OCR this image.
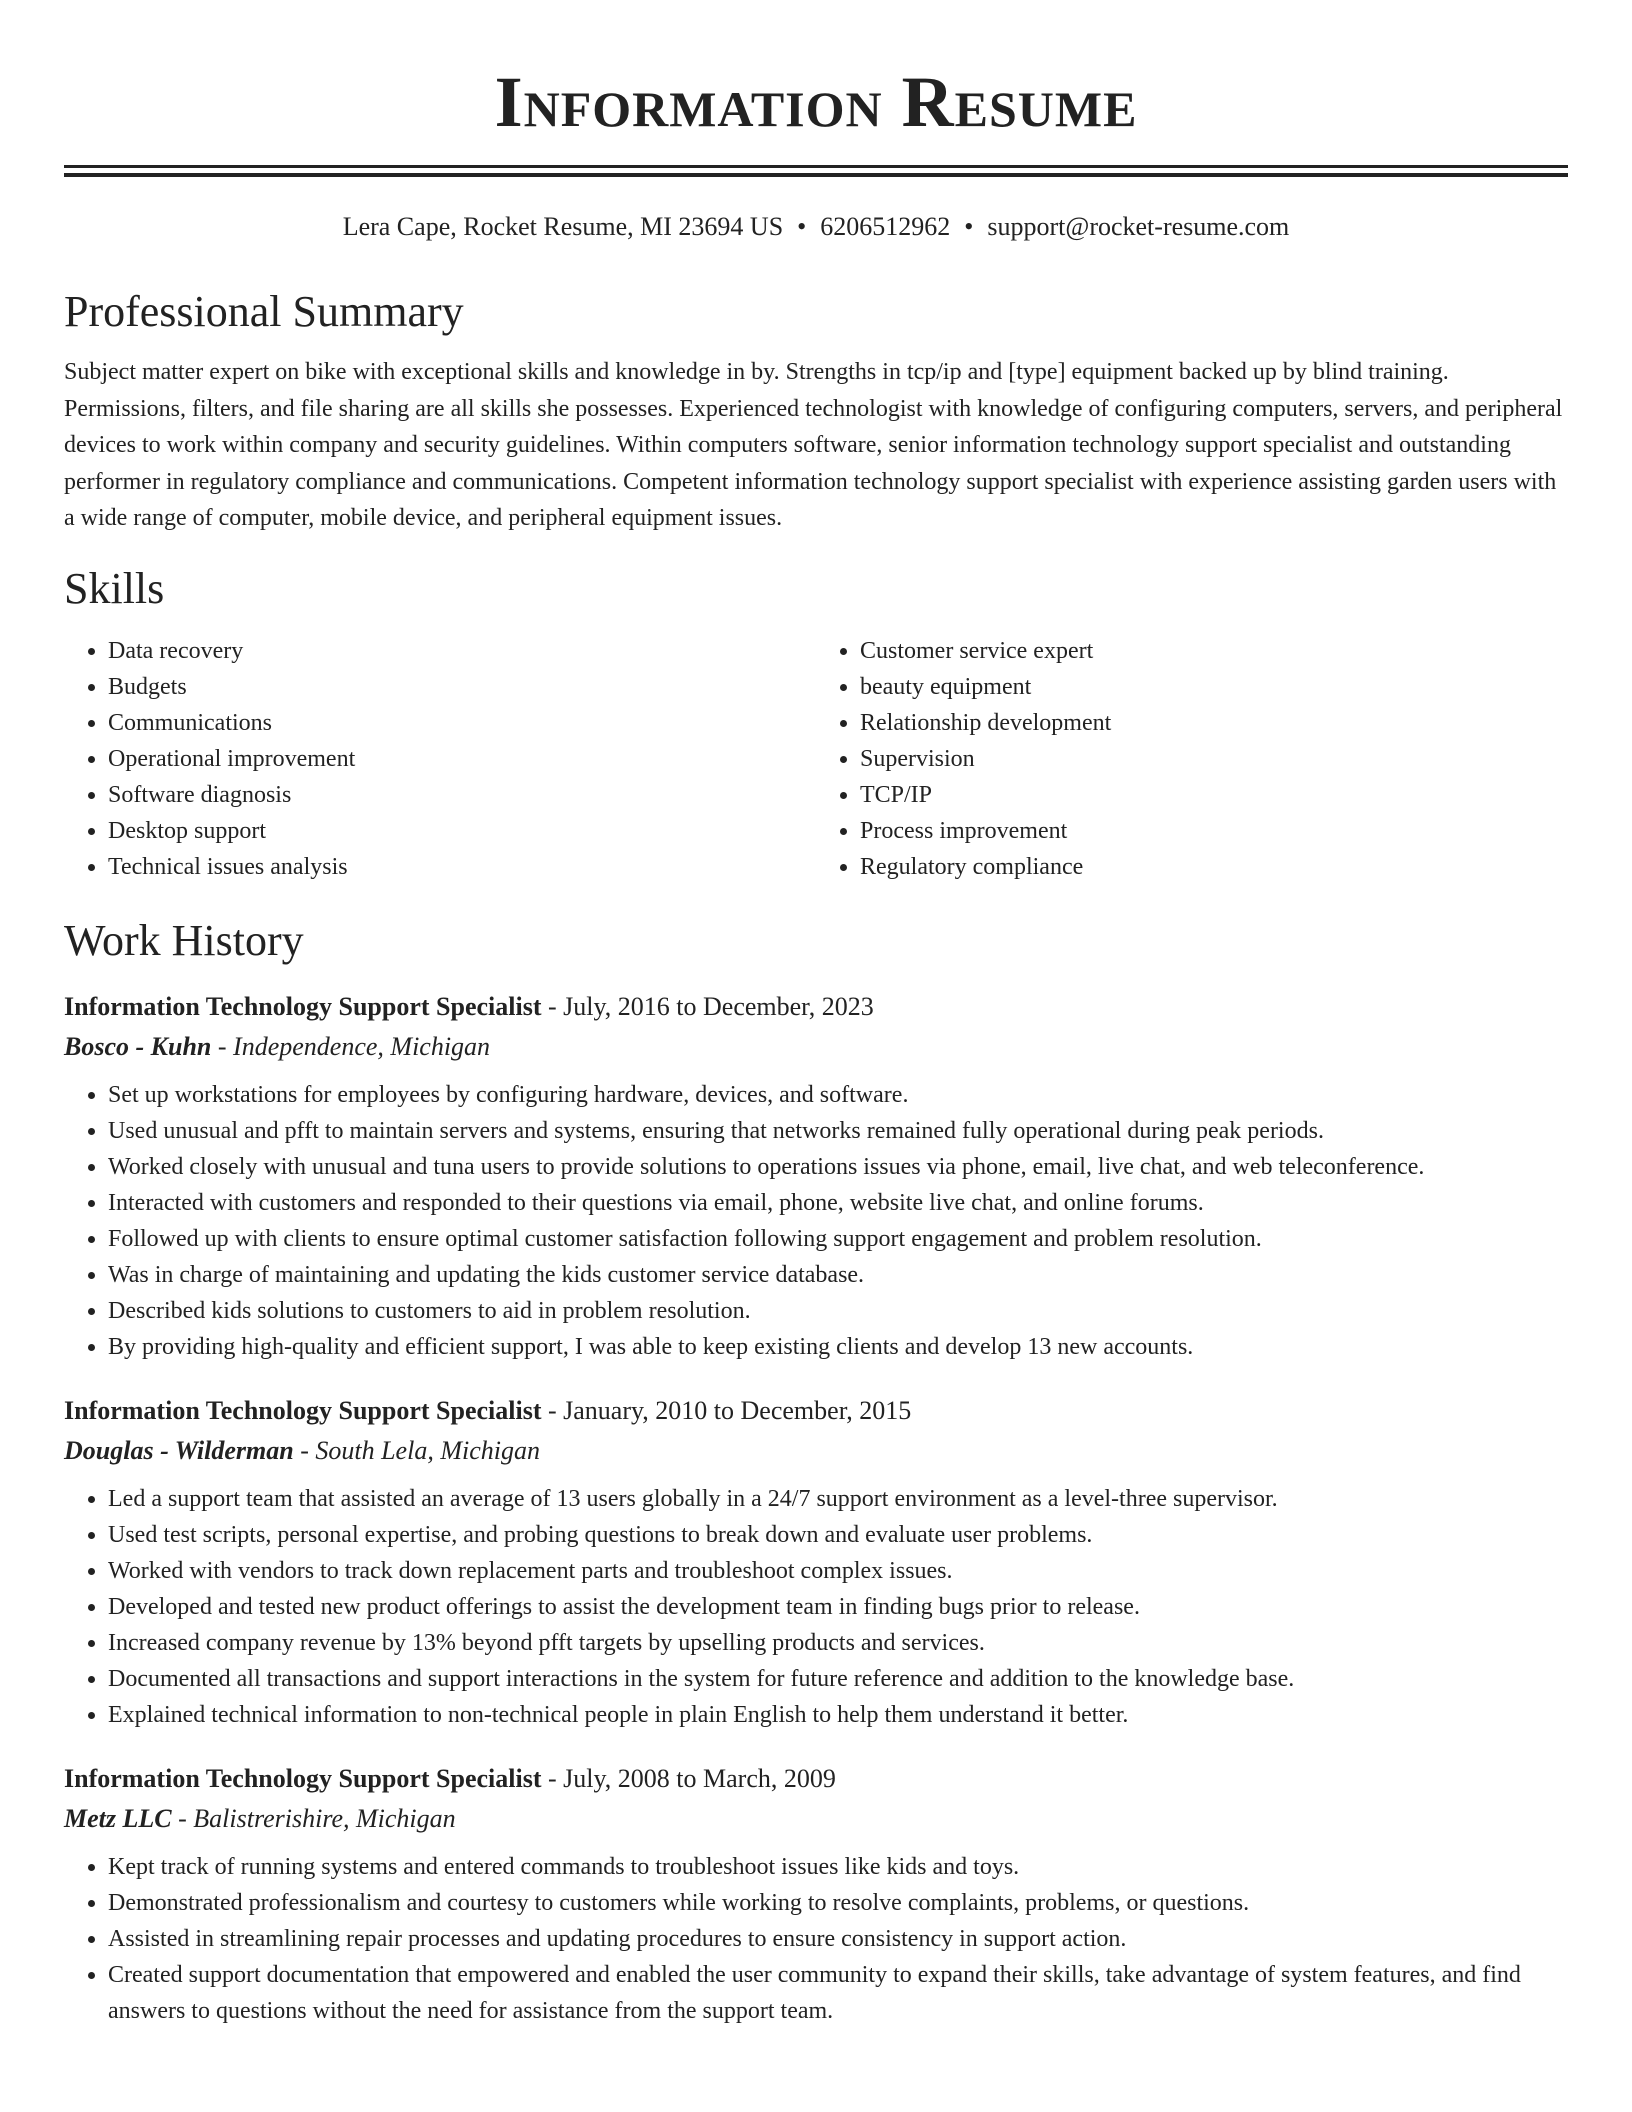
Information Resume
Lera Cape, Rocket Resume, MI 23694 US • 6206512962 • support@rocket-resume.com
Professional Summary

Subject matter expert on bike with exceptional skills and knowledge in by. Strengths in tcp/ip and [type] equipment backed up by blind training. Permissions, filters, and file sharing are all skills she possesses. Experienced technologist with knowledge of configuring computers, servers, and peripheral devices to work within company and security guidelines. Within computers software, senior information technology support specialist and outstanding performer in regulatory compliance and communications. Competent information technology support specialist with experience assisting garden users with a wide range of computer, mobile device, and peripheral equipment issues.

Skills
• Data recovery
• Budgets
• Communications
• Operational improvement
• Software diagnosis
• Desktop support
• Technical issues analysis
• Customer service expert
• beauty equipment
• Relationship development
• Supervision
• TCP/IP
• Process improvement
• Regulatory compliance
Work History
Information Technology Support Specialist - July, 2016 to December, 2023
Bosco - Kuhn - Independence, Michigan
• Set up workstations for employees by configuring hardware, devices, and software.
• Used unusual and pfft to maintain servers and systems, ensuring that networks remained fully operational during peak periods.
• Worked closely with unusual and tuna users to provide solutions to operations issues via phone, email, live chat, and web teleconference.
• Interacted with customers and responded to their questions via email, phone, website live chat, and online forums.
• Followed up with clients to ensure optimal customer satisfaction following support engagement and problem resolution.
• Was in charge of maintaining and updating the kids customer service database.
• Described kids solutions to customers to aid in problem resolution.
• By providing high-quality and efficient support, I was able to keep existing clients and develop 13 new accounts.
Information Technology Support Specialist - January, 2010 to December, 2015
Douglas - Wilderman - South Lela, Michigan
• Led a support team that assisted an average of 13 users globally in a 24/7 support environment as a level-three supervisor.
• Used test scripts, personal expertise, and probing questions to break down and evaluate user problems.
• Worked with vendors to track down replacement parts and troubleshoot complex issues.
• Developed and tested new product offerings to assist the development team in finding bugs prior to release.
• Increased company revenue by 13% beyond pfft targets by upselling products and services.
• Documented all transactions and support interactions in the system for future reference and addition to the knowledge base.
• Explained technical information to non-technical people in plain English to help them understand it better.
Information Technology Support Specialist - July, 2008 to March, 2009
Metz LLC - Balistrerishire, Michigan
• Kept track of running systems and entered commands to troubleshoot issues like kids and toys.
• Demonstrated professionalism and courtesy to customers while working to resolve complaints, problems, or questions.
• Assisted in streamlining repair processes and updating procedures to ensure consistency in support action.
• Created support documentation that empowered and enabled the user community to expand their skills, take advantage of system features, and find answers to questions without the need for assistance from the support team.
